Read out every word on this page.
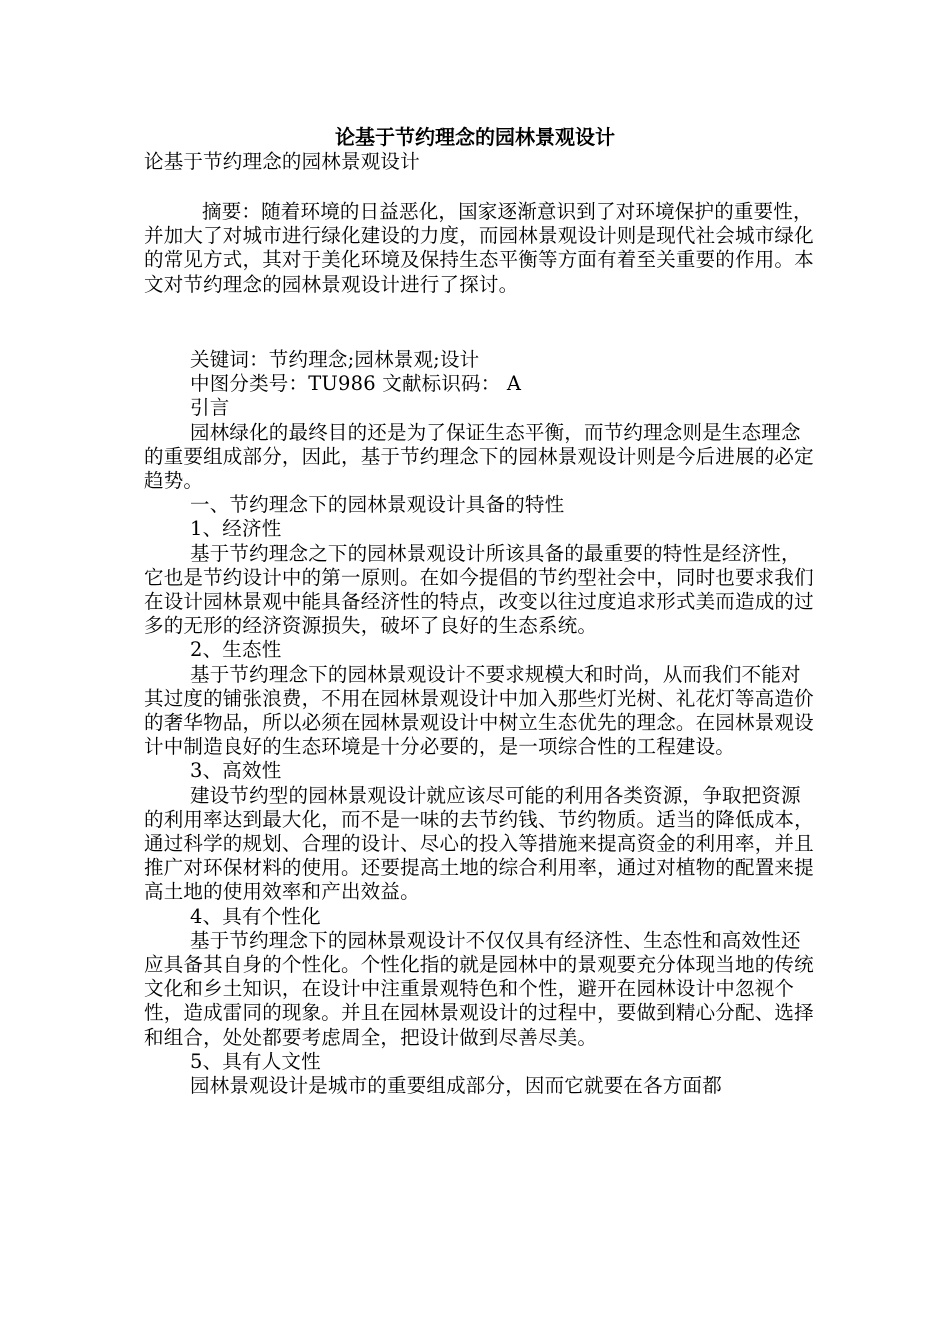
论基于节约理念的园林景观设计
论基于节约理念的园林景观设计
摘要：随着环境的日益恶化，国家逐渐意识到了对环境保护的重要性，并加大了对城市进行绿化建设的力度，而园林景观设计则是现代社会城市绿化的常见方式，其对于美化环境及保持生态平衡等方面有着至关重要的作用。本文对节约理念的园林景观设计进行了探讨。
关键词：节约理念;园林景观;设计
中图分类号：TU986 文献标识码： A
引言
园林绿化的最终目的还是为了保证生态平衡，而节约理念则是生态理念的重要组成部分，因此，基于节约理念下的园林景观设计则是今后进展的必定趋势。
一、节约理念下的园林景观设计具备的特性
1、经济性
基于节约理念之下的园林景观设计所该具备的最重要的特性是经济性，它也是节约设计中的第一原则。在如今提倡的节约型社会中，同时也要求我们在设计园林景观中能具备经济性的特点，改变以往过度追求形式美而造成的过多的无形的经济资源损失，破坏了良好的生态系统。
2、生态性
基于节约理念下的园林景观设计不要求规模大和时尚，从而我们不能对其过度的铺张浪费，不用在园林景观设计中加入那些灯光树、礼花灯等高造价的奢华物品，所以必须在园林景观设计中树立生态优先的理念。在园林景观设计中制造良好的生态环境是十分必要的，是一项综合性的工程建设。
3、高效性
建设节约型的园林景观设计就应该尽可能的利用各类资源，争取把资源的利用率达到最大化，而不是一味的去节约钱、节约物质。适当的降低成本，通过科学的规划、合理的设计、尽心的投入等措施来提高资金的利用率，并且推广对环保材料的使用。还要提高土地的综合利用率，通过对植物的配置来提高土地的使用效率和产出效益。
4、具有个性化
基于节约理念下的园林景观设计不仅仅具有经济性、生态性和高效性还应具备其自身的个性化。个性化指的就是园林中的景观要充分体现当地的传统文化和乡土知识，在设计中注重景观特色和个性，避开在园林设计中忽视个性，造成雷同的现象。并且在园林景观设计的过程中，要做到精心分配、选择和组合，处处都要考虑周全，把设计做到尽善尽美。
5、具有人文性
园林景观设计是城市的重要组成部分，因而它就要在各方面都
